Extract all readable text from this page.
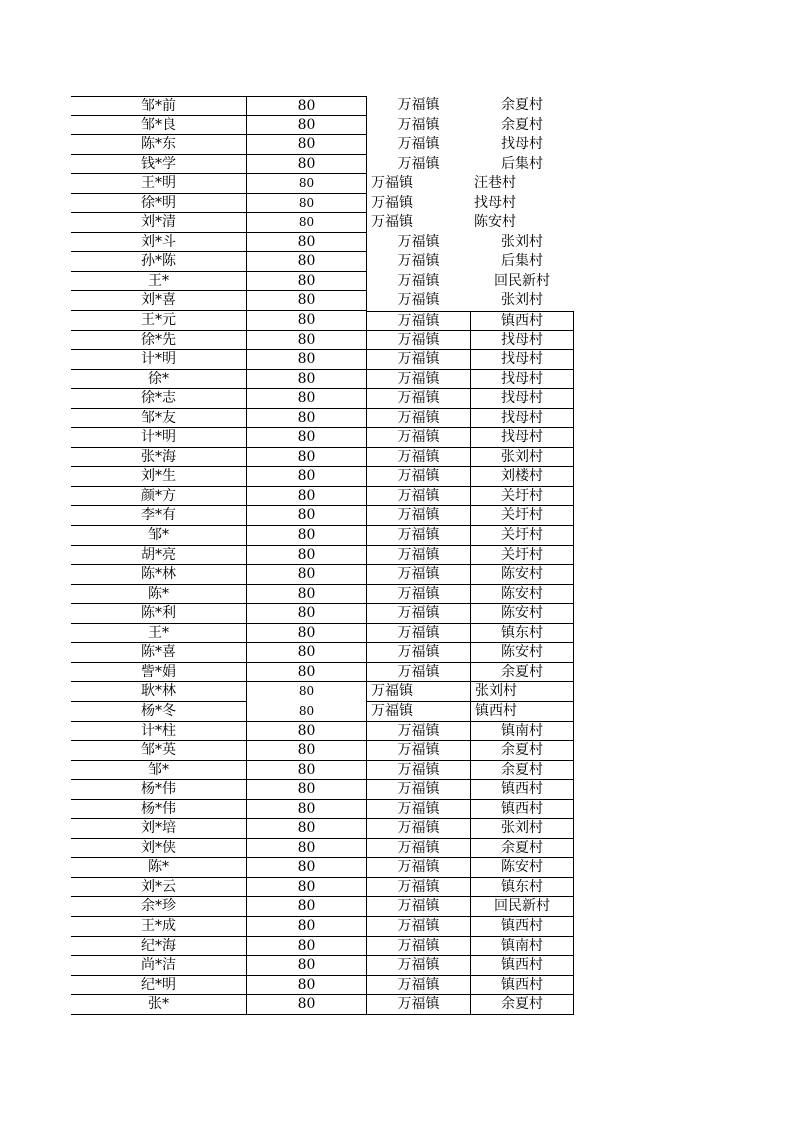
邹*前	80	万福镇	余夏村
邹*良	80	万福镇	余夏村
陈*东	80	万福镇	找母村
钱*学	80	万福镇	后集村
王*明	80	万福镇	汪巷村
徐*明	80	万福镇	找母村
刘*清	80	万福镇	陈安村
刘*斗	80	万福镇	张刘村
孙*陈	80	万福镇	后集村
王*	80	万福镇	回民新村
刘*喜	80	万福镇	张刘村
王*元	80	万福镇	镇西村
徐*先	80	万福镇	找母村
计*明	80	万福镇	找母村
徐*	80	万福镇	找母村
徐*志	80	万福镇	找母村
邹*友	80	万福镇	找母村
计*明	80	万福镇	找母村
张*海	80	万福镇	张刘村
刘*生	80	万福镇	刘楼村
颜*方	80	万福镇	关圩村
李*有	80	万福镇	关圩村
邹*	80	万福镇	关圩村
胡*亮	80	万福镇	关圩村
陈*林	80	万福镇	陈安村
陈*	80	万福镇	陈安村
陈*利	80	万福镇	陈安村
王*	80	万福镇	镇东村
陈*喜	80	万福镇	陈安村
訾*娟	80	万福镇	余夏村
耿*林	80	万福镇	张刘村
杨*冬	80	万福镇	镇西村
计*柱	80	万福镇	镇南村
邹*英	80	万福镇	余夏村
邹*	80	万福镇	余夏村
杨*伟	80	万福镇	镇西村
杨*伟	80	万福镇	镇西村
刘*培	80	万福镇	张刘村
刘*侠	80	万福镇	余夏村
陈*	80	万福镇	陈安村
刘*云	80	万福镇	镇东村
余*珍	80	万福镇	回民新村
王*成	80	万福镇	镇西村
纪*海	80	万福镇	镇南村
尚*洁	80	万福镇	镇西村
纪*明	80	万福镇	镇西村
张*	80	万福镇	余夏村
